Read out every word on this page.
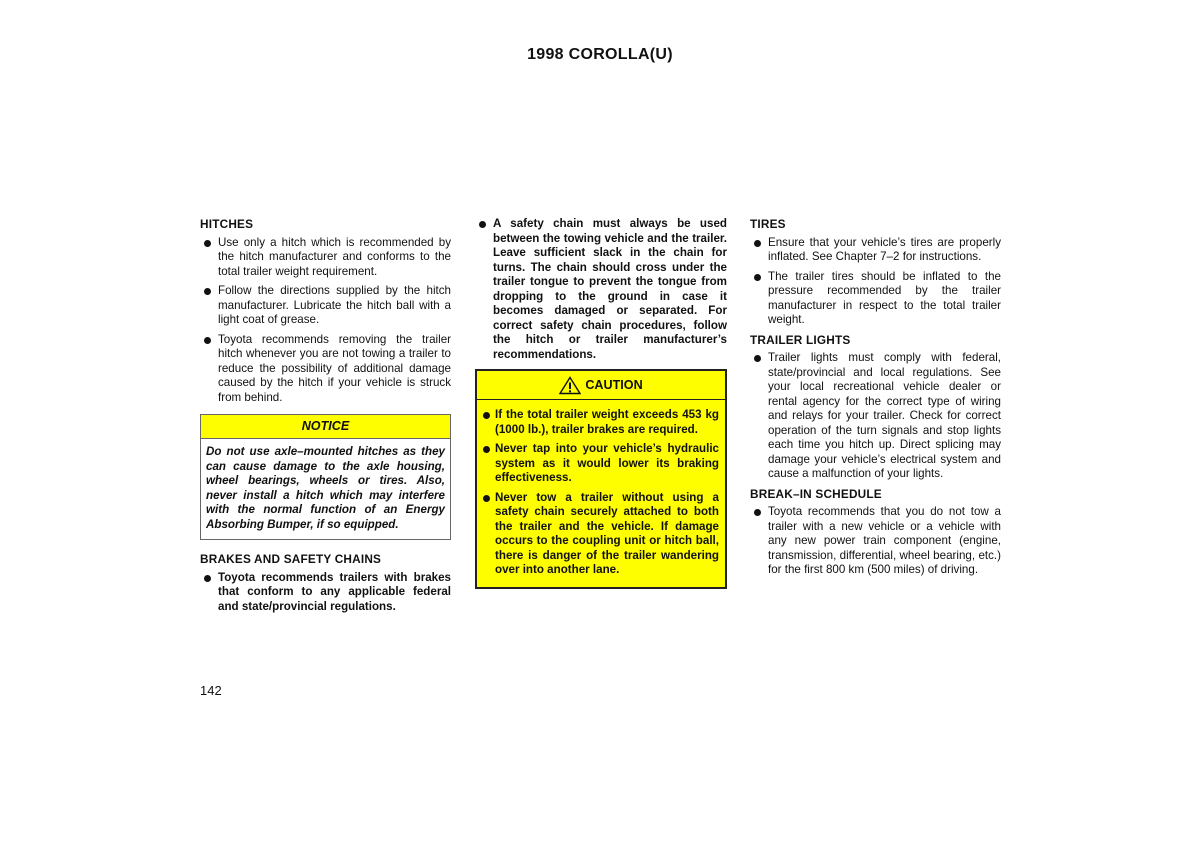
1998 COROLLA(U)
HITCHES
Use only a hitch which is recommended by the hitch manufacturer and conforms to the total trailer weight requirement.
Follow the directions supplied by the hitch manufacturer. Lubricate the hitch ball with a light coat of grease.
Toyota recommends removing the trailer hitch whenever you are not towing a trailer to reduce the possibility of additional damage caused by the hitch if your vehicle is struck from behind.
NOTICE
Do not use axle–mounted hitches as they can cause damage to the axle housing, wheel bearings, wheels or tires. Also, never install a hitch which may interfere with the normal function of an Energy Absorbing Bumper, if so equipped.
BRAKES AND SAFETY CHAINS
Toyota recommends trailers with brakes that conform to any applicable federal and state/provincial regulations.
A safety chain must always be used between the towing vehicle and the trailer. Leave sufficient slack in the chain for turns. The chain should cross under the trailer tongue to prevent the tongue from dropping to the ground in case it becomes damaged or separated. For correct safety chain procedures, follow the hitch or trailer manufacturer’s recommendations.
CAUTION
If the total trailer weight exceeds 453 kg (1000 lb.), trailer brakes are required.
Never tap into your vehicle’s hydraulic system as it would lower its braking effectiveness.
Never tow a trailer without using a safety chain securely attached to both the trailer and the vehicle. If damage occurs to the coupling unit or hitch ball, there is danger of the trailer wandering over into another lane.
TIRES
Ensure that your vehicle’s tires are properly inflated. See Chapter 7–2 for instructions.
The trailer tires should be inflated to the pressure recommended by the trailer manufacturer in respect to the total trailer weight.
TRAILER LIGHTS
Trailer lights must comply with federal, state/provincial and local regulations. See your local recreational vehicle dealer or rental agency for the correct type of wiring and relays for your trailer. Check for correct operation of the turn signals and stop lights each time you hitch up. Direct splicing may damage your vehicle’s electrical system and cause a malfunction of your lights.
BREAK–IN SCHEDULE
Toyota recommends that you do not tow a trailer with a new vehicle or a vehicle with any new power train component (engine, transmission, differential, wheel bearing, etc.) for the first 800 km (500 miles) of driving.
142
